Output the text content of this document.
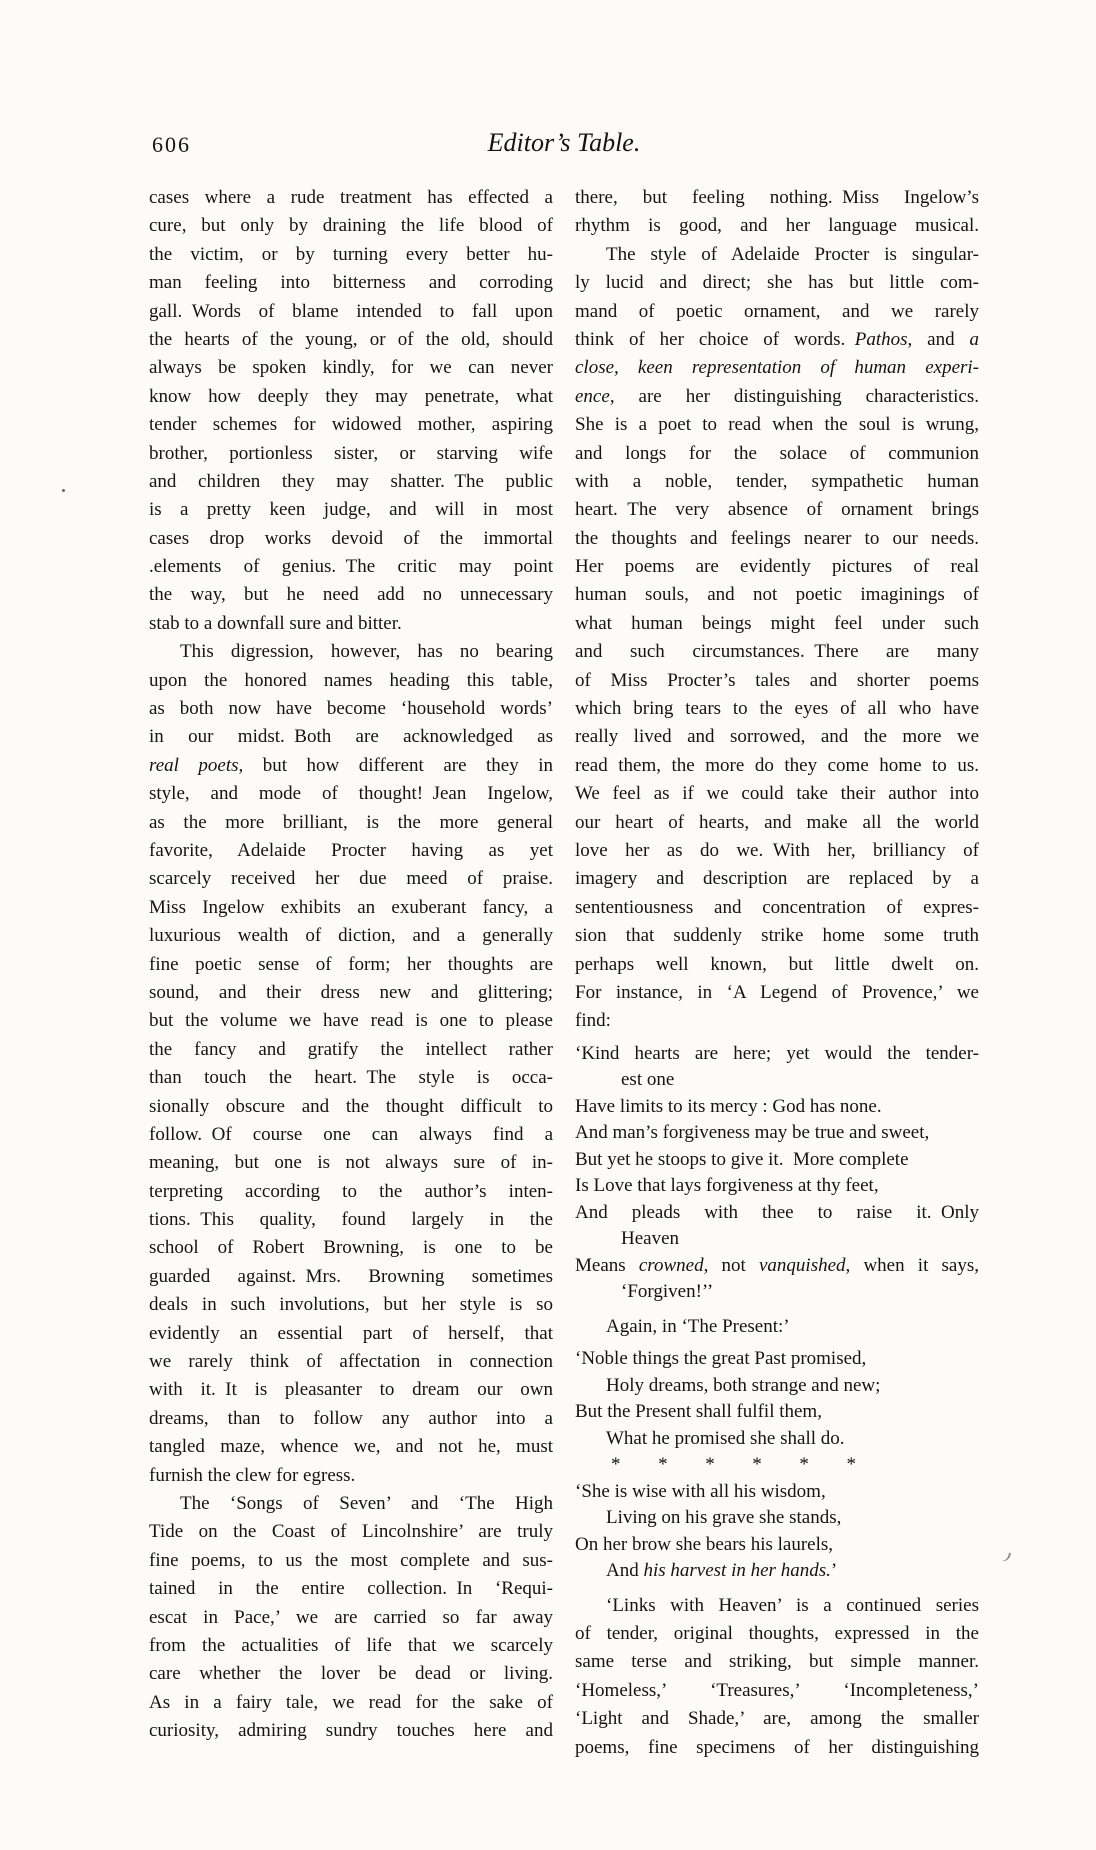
606	Editor’s Table.
cases where a rude treatment has effected a
cure, but only by draining the life blood of
the victim, or by turning every better hu-
man feeling into bitterness and corroding
gall. Words of blame intended to fall upon
the hearts of the young, or of the old, should
always be spoken kindly, for we can never
know how deeply they may penetrate, what
tender schemes for widowed mother, aspiring
brother, portionless sister, or starving wife
and children they may shatter. The public
is a pretty keen judge, and will in most
cases drop works devoid of the immortal
.elements of genius. The critic may point
the way, but he need add no unnecessary
stab to a downfall sure and bitter.
This digression, however, has no bearing
upon the honored names heading this table,
as both now have become ‘household words’
in our midst. Both are acknowledged as
real poets, but how different are they in
style, and mode of thought! Jean Ingelow,
as the more brilliant, is the more general
favorite, Adelaide Procter having as yet
scarcely received her due meed of praise.
Miss Ingelow exhibits an exuberant fancy, a
luxurious wealth of diction, and a generally
fine poetic sense of form; her thoughts are
sound, and their dress new and glittering;
but the volume we have read is one to please
the fancy and gratify the intellect rather
than touch the heart. The style is occa-
sionally obscure and the thought difficult to
follow. Of course one can always find a
meaning, but one is not always sure of in-
terpreting according to the author’s inten-
tions. This quality, found largely in the
school of Robert Browning, is one to be
guarded against. Mrs. Browning sometimes
deals in such involutions, but her style is so
evidently an essential part of herself, that
we rarely think of affectation in connection
with it. It is pleasanter to dream our own
dreams, than to follow any author into a
tangled maze, whence we, and not he, must
furnish the clew for egress.
The ‘Songs of Seven’ and ‘The High
Tide on the Coast of Lincolnshire’ are truly
fine poems, to us the most complete and sus-
tained in the entire collection. In ‘Requi-
escat in Pace,’ we are carried so far away
from the actualities of life that we scarcely
care whether the lover be dead or living.
As in a fairy tale, we read for the sake of
curiosity, admiring sundry touches here and
there, but feeling nothing. Miss Ingelow’s
rhythm is good, and her language musical.
The style of Adelaide Procter is singular-
ly lucid and direct; she has but little com-
mand of poetic ornament, and we rarely
think of her choice of words. Pathos, and a
close, keen representation of human experi-
ence, are her distinguishing characteristics.
She is a poet to read when the soul is wrung,
and longs for the solace of communion
with a noble, tender, sympathetic human
heart. The very absence of ornament brings
the thoughts and feelings nearer to our needs.
Her poems are evidently pictures of real
human souls, and not poetic imaginings of
what human beings might feel under such
and such circumstances. There are many
of Miss Procter’s tales and shorter poems
which bring tears to the eyes of all who have
really lived and sorrowed, and the more we
read them, the more do they come home to us.
We feel as if we could take their author into
our heart of hearts, and make all the world
love her as do we. With her, brilliancy of
imagery and description are replaced by a
sententiousness and concentration of expres-
sion that suddenly strike home some truth
perhaps well known, but little dwelt on.
For instance, in ‘A Legend of Provence,’ we
find:
‘Kind hearts are here; yet would the tender-
est one
Have limits to its mercy : God has none.
And man’s forgiveness may be true and sweet,
But yet he stoops to give it. More complete
Is Love that lays forgiveness at thy feet,
And pleads with thee to raise it. Only
Heaven
Means crowned, not vanquished, when it says,
‘Forgiven!’’
Again, in ‘The Present:’
‘Noble things the great Past promised,
Holy dreams, both strange and new;
But the Present shall fulfil them,
What he promised she shall do.
* * * * * *
‘She is wise with all his wisdom,
Living on his grave she stands,
On her brow she bears his laurels,
And his harvest in her hands.’
‘Links with Heaven’ is a continued series
of tender, original thoughts, expressed in the
same terse and striking, but simple manner.
‘Homeless,’ ‘Treasures,’ ‘Incompleteness,’
‘Light and Shade,’ are, among the smaller
poems, fine specimens of her distinguishing
